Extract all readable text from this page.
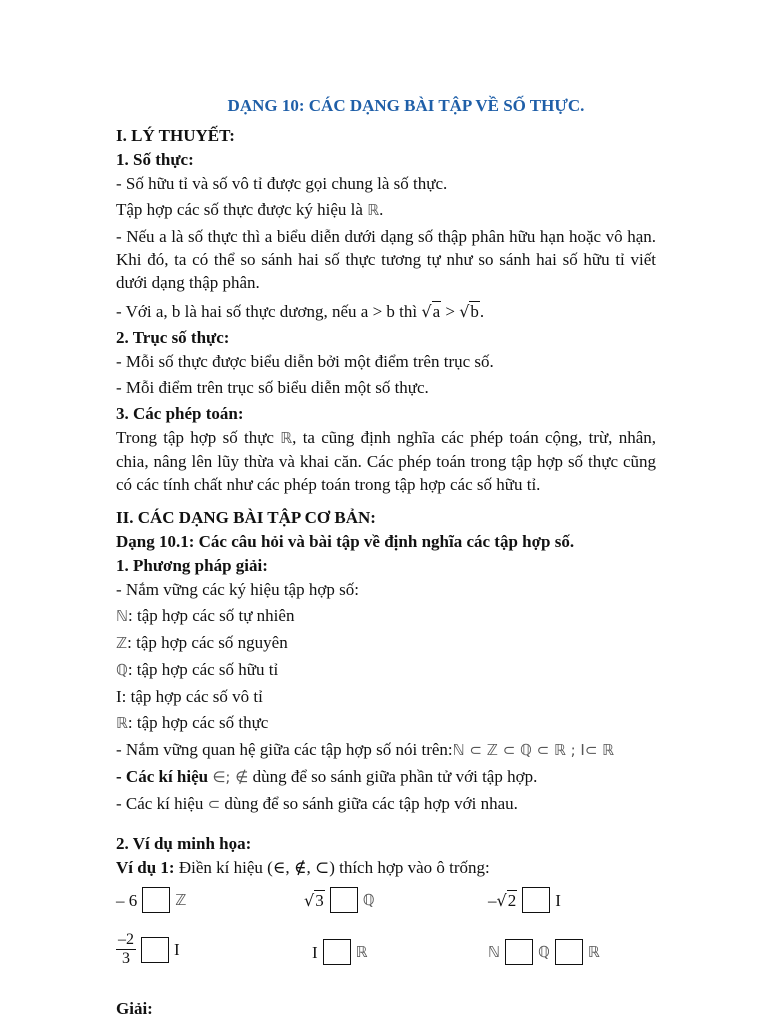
DẠNG 10: CÁC DẠNG BÀI TẬP VỀ SỐ THỰC.

I. LÝ THUYẾT:

1. Số thực:

- Số hữu tỉ và số vô tỉ được gọi chung là số thực.

Tập hợp các số thực được ký hiệu là ℝ.

- Nếu a là số thực thì a biểu diễn dưới dạng số thập phân hữu hạn hoặc vô hạn. Khi đó, ta có thể so sánh hai số thực tương tự như so sánh hai số hữu tỉ viết dưới dạng thập phân.

- Với a, b là hai số thực dương, nếu a > b thì √a > √b.

2. Trục số thực:

- Mỗi số thực được biểu diễn bởi một điểm trên trục số.

- Mỗi điểm trên trục số biểu diễn một số thực.

3. Các phép toán:

Trong tập hợp số thực ℝ, ta cũng định nghĩa các phép toán cộng, trừ, nhân, chia, nâng lên lũy thừa và khai căn. Các phép toán trong tập hợp số thực cũng có các tính chất như các phép toán trong tập hợp các số hữu tỉ.

II. CÁC DẠNG BÀI TẬP CƠ BẢN:

Dạng 10.1: Các câu hỏi và bài tập về định nghĩa các tập hợp số.

1. Phương pháp giải:

- Nắm vững các ký hiệu tập hợp số:

ℕ: tập hợp các số tự nhiên

ℤ: tập hợp các số nguyên

ℚ: tập hợp các số hữu tỉ

I: tập hợp các số vô tỉ

ℝ: tập hợp các số thực

- Nắm vững quan hệ giữa các tập hợp số nói trên:ℕ ⊂ ℤ ⊂ ℚ ⊂ ℝ ; I⊂ ℝ

- Các kí hiệu ∈; ∉ dùng để so sánh giữa phần tử với tập hợp.

- Các kí hiệu ⊂ dùng để so sánh giữa các tập hợp với nhau.

2. Ví dụ minh họa:

Ví dụ 1: Điền kí hiệu (∈, ∉, ⊂) thích hợp vào ô trống:

– 6	ℤ	√3	ℚ	– √2 I
$\frac{-2}{3}$ I	I	ℝ	ℕ	ℚ	ℝ

Giải:
